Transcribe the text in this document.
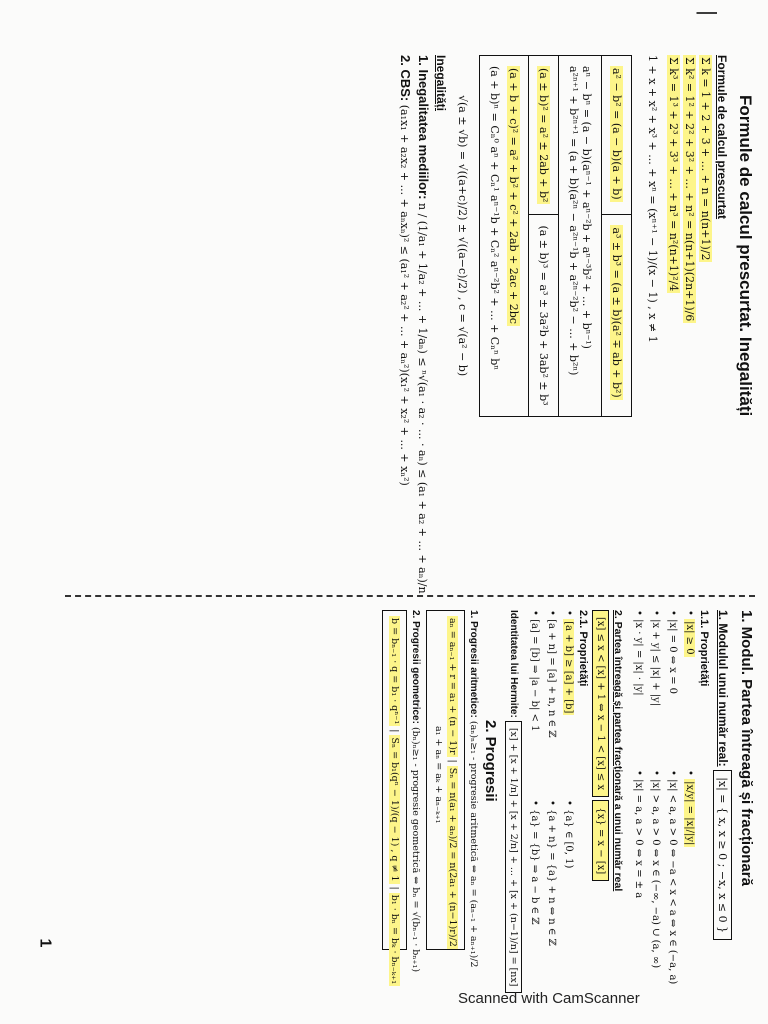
|
Formule de calcul prescurtat. Inegalități
Formule de calcul prescurtat
Σ k = 1 + 2 + 3 + ... + n = n(n+1)/2
Σ k² = 1² + 2² + 3² + ... + n² = n(n+1)(2n+1)/6
Σ k³ = 1³ + 2³ + 3³ + ... + n³ = n²(n+1)²/4
1 + x + x² + x³ + ... + xⁿ = (xⁿ⁺¹ − 1)/(x − 1) , x ≠ 1
a² − b² = (a − b)(a + b)	a³ ± b³ = (a ± b)(a² ∓ ab + b²)

aⁿ − bⁿ = (a − b)(aⁿ⁻¹ + aⁿ⁻²b + aⁿ⁻³b² + ... + bⁿ⁻¹)
a²ⁿ⁺¹ + b²ⁿ⁺¹ = (a + b)(a²ⁿ − a²ⁿ⁻¹b + a²ⁿ⁻²b² − ... + b²ⁿ)	

(a ± b)² = a² ± 2ab + b²	(a ± b)³ = a³ ± 3a²b + 3ab² ± b³

(a + b + c)² = a² + b² + c² + 2ab + 2ac + 2bc
(a + b)ⁿ = Cₙ⁰ aⁿ + Cₙ¹ aⁿ⁻¹b + Cₙ² aⁿ⁻²b² + ... + Cₙⁿ bⁿ	
√(a ± √b) = √((a+c)/2) ± √((a−c)/2) , c = √(a² − b)
Inegalități
1. Inegalitatea mediilor: n / (1/a₁ + 1/a₂ + ... + 1/aₙ) ≤ ⁿ√(a₁ · a₂ · ... · aₙ) ≤ (a₁ + a₂ + ... + aₙ)/n
2. CBS: (a₁x₁ + a₂x₂ + ... + aₙxₙ)² ≤ (a₁² + a₂² + ... + aₙ²)(x₁² + x₂² + ... + xₙ²)
1. Modul. Partea întreagă și fracționară
1. Modulul unui număr real: |x| = { x, x ≥ 0 ; −x, x ≤ 0 }
1.1. Proprietăți
• |x| ≥ 0
• |x/y| = |x|/|y|
• |x| = 0 ⇔ x = 0
• |x| < a, a > 0 ⇔ −a < x < a ⇔ x ∈ (−a, a)
• |x + y| ≤ |x| + |y|
• |x| > a, a > 0 ⇔ x ∈ (−∞, −a) ∪ (a, ∞)
• |x · y| = |x| · |y|
• |x| = a, a > 0 ⇔ x = ± a
2. Partea întreagă și partea fracționară a unui număr real
[x] ≤ x < [x] + 1 ⇔ x − 1 < [x] ≤ x {x} = x − [x]
2.1. Proprietăți
• [a + b] ≥ [a] + [b]
• {a} ∈ [0, 1)
• [a + n] = [a] + n, n ∈ ℤ
• {a + n} = {a} + n ⇔ n ∈ ℤ
• [a] = [b] ⇒ |a − b| < 1
• {a} = {b} ⇒ a − b ∈ ℤ
Identitatea lui Hermite: [x] + [x + 1/n] + [x + 2/n] + ... + [x + (n−1)/n] = [nx]
2. Progresii
1. Progresii aritmetice: (aₙ)ₙ≥₁ - progresie aritmetică ⇔ aₙ = (aₙ₋₁ + aₙ₊₁)/2
aₙ = aₙ₋₁ + r = a₁ + (n − 1)r | Sₙ = n(a₁ + aₙ)/2 = n(2a₁ + (n−1)r)/2
a₁ + aₙ = aₖ + aₙ₋ₖ₊₁
2. Progresii geometrice: (bₙ)ₙ≥₁ - progresie geometrică ⇔ bₙ = √(bₙ₋₁ · bₙ₊₁)
b = bₙ₋₁ · q = b₁ · qⁿ⁻¹ | Sₙ = b₁(qⁿ − 1)/(q − 1) , q ≠ 1 | b₁ · bₙ = bₖ · bₙ₋ₖ₊₁
1
Scanned with CamScanner
